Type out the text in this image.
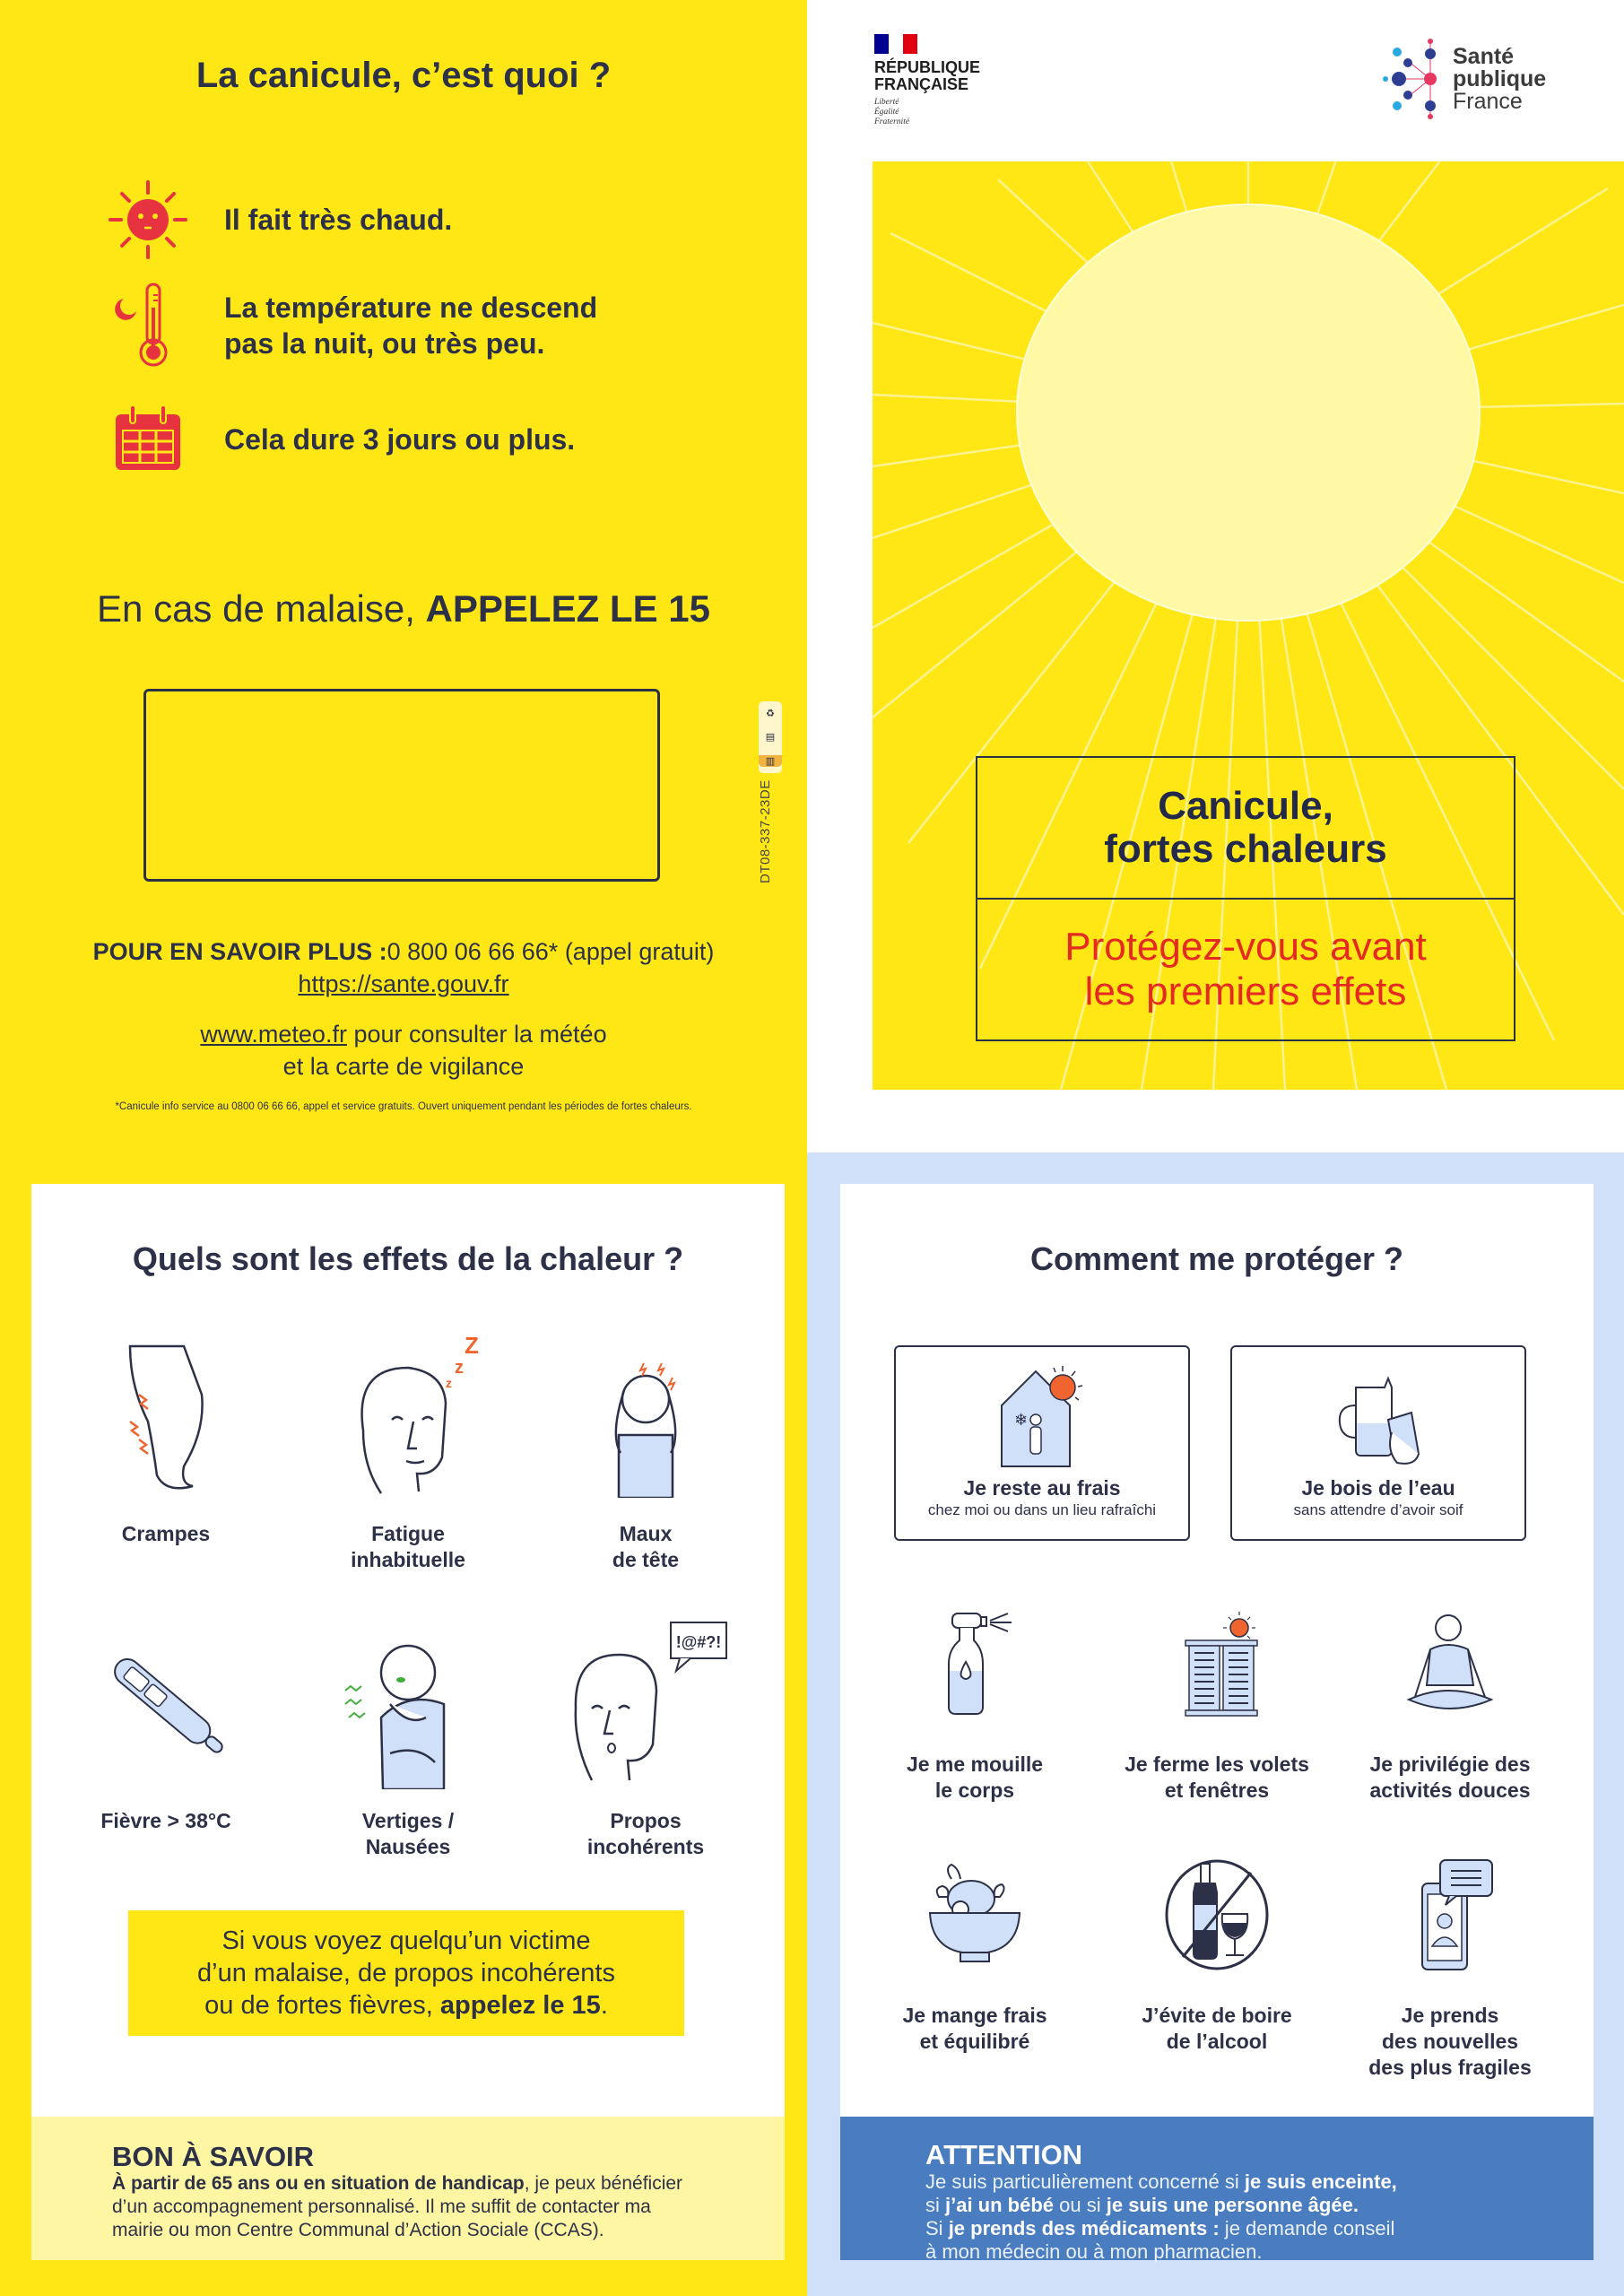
La canicule, c’est quoi ?
Il fait très chaud.
La température ne descend
pas la nuit, ou très peu.
Cela dure 3 jours ou plus.
En cas de malaise, APPELEZ LE 15
♻
▤
▥
DT08-337-23DE
POUR EN SAVOIR PLUS :0 800 06 66 66* (appel gratuit)
https://sante.gouv.fr
www.meteo.fr pour consulter la météo
et la carte de vigilance
*Canicule info service au 0800 06 66 66, appel et service gratuits. Ouvert uniquement pendant les périodes de fortes chaleurs.
RÉPUBLIQUE
FRANÇAISE
Liberté
Égalité
Fraternité
Santé
publique
France
Canicule,
fortes chaleurs
Protégez-vous avant
les premiers effets
Quels sont les effets de la chaleur ?
Crampes
z
z
Z
Fatigue
inhabituelle
Maux
de tête
Fièvre > 38°C	Vertiges /
Nausées
!@#?!
Propos
incohérents
Si vous voyez quelqu’un victime
d’un malaise, de propos incohérents
ou de fortes fièvres, appelez le 15.
BON À SAVOIR

À partir de 65 ans ou en situation de handicap, je peux bénéficier d’un accompagnement personnalisé. Il me suffit de contacter ma mairie ou mon Centre Communal d’Action Sociale (CCAS).

Comment me protéger ?
❄
Je reste au frais
chez moi ou dans un lieu rafraîchi
Je bois de l’eau
sans attendre d’avoir soif
Je me mouille
le corps
Je ferme les volets
et fenêtres
Je privilégie des
activités douces
Je mange frais
et équilibré
J’évite de boire
de l’alcool
Je prends
des nouvelles
des plus fragiles
ATTENTION

Je suis particulièrement concerné si je suis enceinte,
si j’ai un bébé ou si je suis une personne âgée.
Si je prends des médicaments : je demande conseil
à mon médecin ou à mon pharmacien.
